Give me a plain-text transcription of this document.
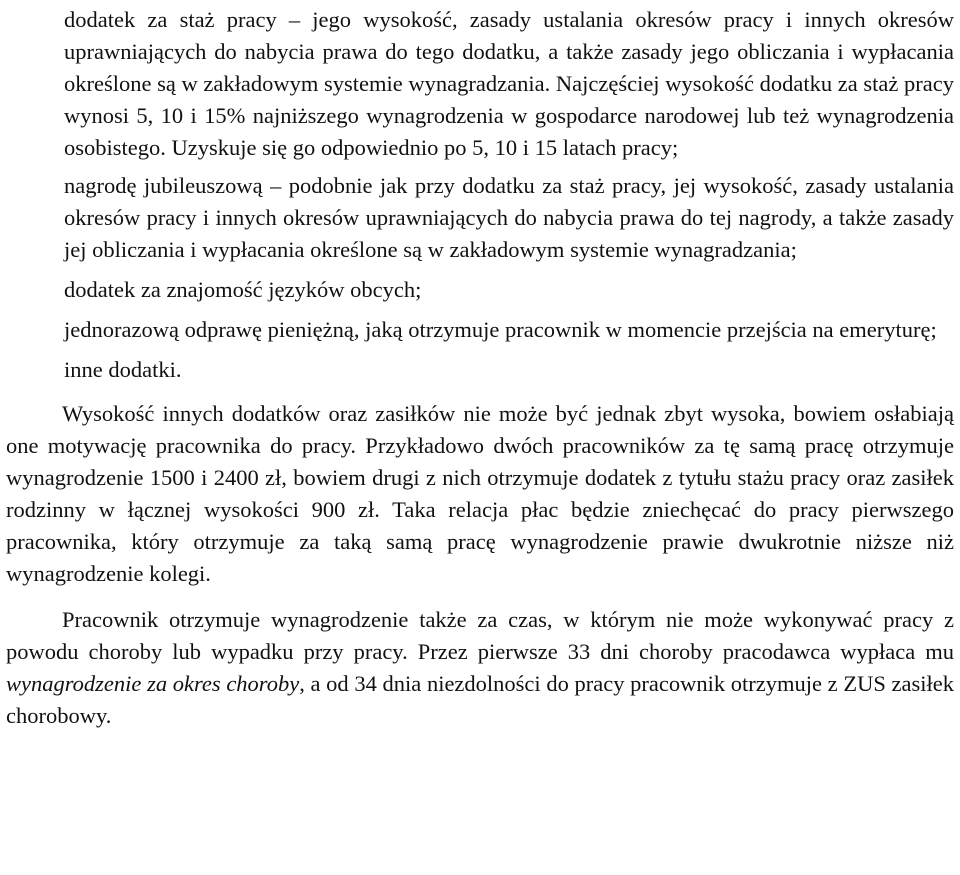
dodatek za staż pracy – jego wysokość, zasady ustalania okresów pracy i innych okresów uprawniających do nabycia prawa do tego dodatku, a także zasady jego obliczania i wypłacania określone są w zakładowym systemie wynagradzania. Najczęściej wysokość dodatku za staż pracy wynosi 5, 10 i 15% najniższego wynagrodzenia w gospodarce narodowej lub też wynagrodzenia osobistego. Uzyskuje się go odpowiednio po 5, 10 i 15 latach pracy;

nagrodę jubileuszową – podobnie jak przy dodatku za staż pracy, jej wysokość, zasady ustalania okresów pracy i innych okresów uprawniających do nabycia prawa do tej nagrody, a także zasady jej obliczania i wypłacania określone są w zakładowym systemie wynagradzania;

dodatek za znajomość języków obcych;

jednorazową odprawę pieniężną, jaką otrzymuje pracownik w momencie przejścia na emeryturę;

inne dodatki.

Wysokość innych dodatków oraz zasiłków nie może być jednak zbyt wysoka, bowiem osłabiają one motywację pracownika do pracy. Przykładowo dwóch pracowników za tę samą pracę otrzymuje wynagrodzenie 1500 i 2400 zł, bowiem drugi z nich otrzymuje dodatek z tytułu stażu pracy oraz zasiłek rodzinny w łącznej wysokości 900 zł. Taka relacja płac będzie zniechęcać do pracy pierwszego pracownika, który otrzymuje za taką samą pracę wynagrodzenie prawie dwukrotnie niższe niż wynagrodzenie kolegi.

Pracownik otrzymuje wynagrodzenie także za czas, w którym nie może wykonywać pracy z powodu choroby lub wypadku przy pracy. Przez pierwsze 33 dni choroby pracodawca wypłaca mu wynagrodzenie za okres choroby, a od 34 dnia niezdolności do pracy pracownik otrzymuje z ZUS zasiłek chorobowy.
